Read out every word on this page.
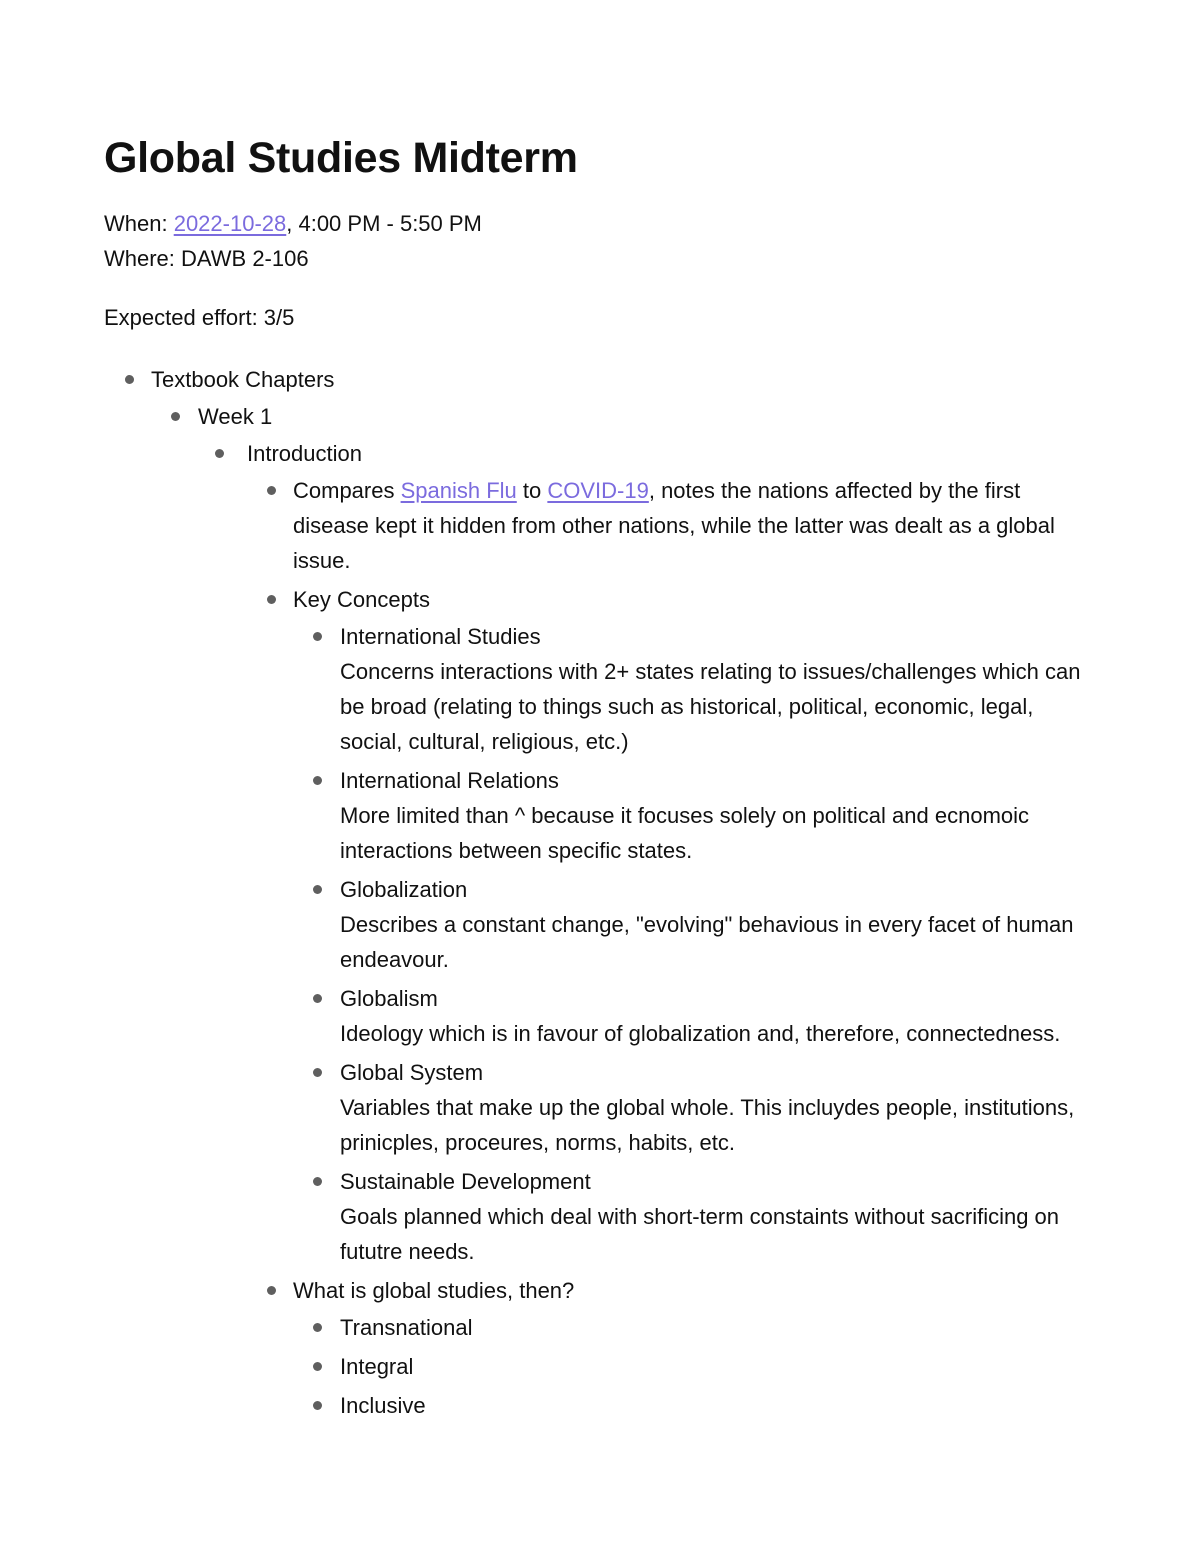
Global Studies Midterm
When: 2022-10-28, 4:00 PM - 5:50 PM
Where: DAWB 2-106
Expected effort: 3/5
Textbook Chapters
Week 1
Introduction
Compares Spanish Flu to COVID-19, notes the nations affected by the first disease kept it hidden from other nations, while the latter was dealt as a global issue.
Key Concepts
International Studies
Concerns interactions with 2+ states relating to issues/challenges which can be broad (relating to things such as historical, political, economic, legal, social, cultural, religious, etc.)
International Relations
More limited than ^ because it focuses solely on political and ecnomoic interactions between specific states.
Globalization
Describes a constant change, "evolving" behavious in every facet of human endeavour.
Globalism
Ideology which is in favour of globalization and, therefore, connectedness.
Global System
Variables that make up the global whole. This incluydes people, institutions, prinicples, proceures, norms, habits, etc.
Sustainable Development
Goals planned which deal with short-term constaints without sacrificing on fututre needs.
What is global studies, then?
Transnational
Integral
Inclusive
